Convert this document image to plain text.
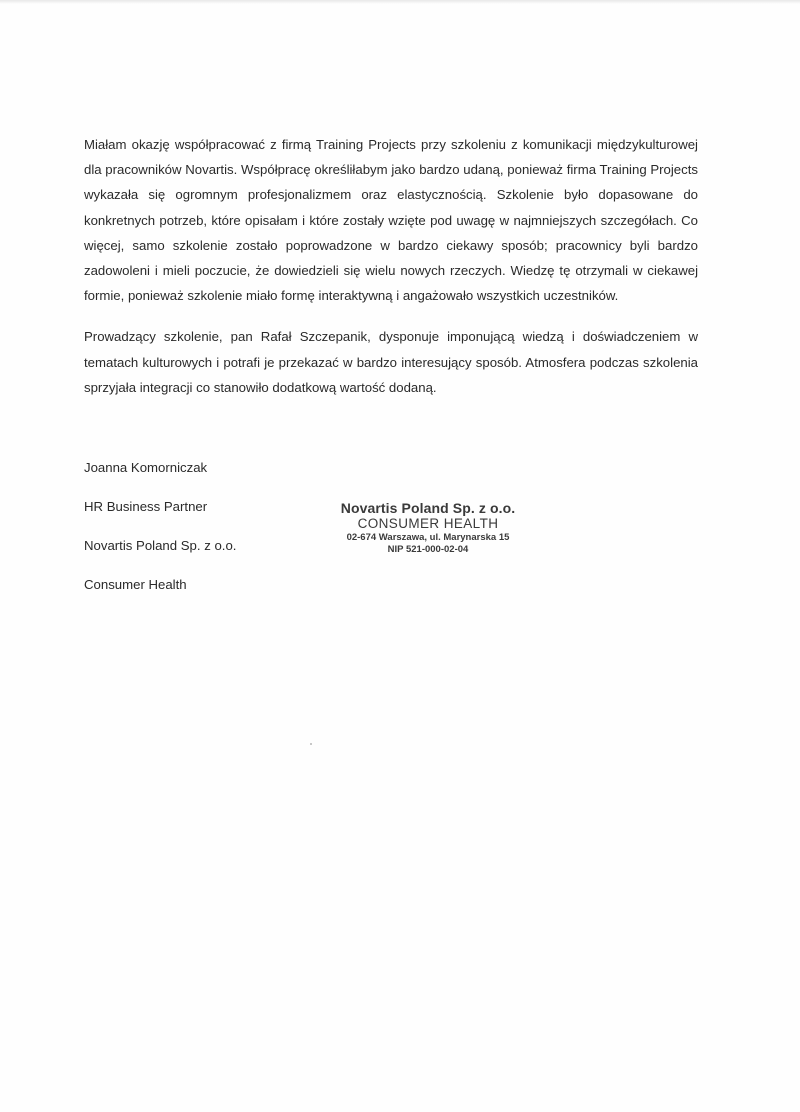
Miałam okazję współpracować z firmą Training Projects przy szkoleniu z komunikacji międzykulturowej dla pracowników Novartis. Współpracę określiłabym jako bardzo udaną, ponieważ firma Training Projects wykazała się ogromnym profesjonalizmem oraz elastycznością. Szkolenie było dopasowane do konkretnych potrzeb, które opisałam i które zostały wzięte pod uwagę w najmniejszych szczegółach. Co więcej, samo szkolenie zostało poprowadzone w bardzo ciekawy sposób; pracownicy byli bardzo zadowoleni i mieli poczucie, że dowiedzieli się wielu nowych rzeczych. Wiedzę tę otrzymali w ciekawej formie, ponieważ szkolenie miało formę interaktywną i angażowało wszystkich uczestników.

Prowadzący szkolenie, pan Rafał Szczepanik, dysponuje imponującą wiedzą i doświadczeniem w tematach kulturowych i potrafi je przekazać w bardzo interesujący sposób. Atmosfera podczas szkolenia sprzyjała integracji co stanowiło dodatkową wartość dodaną.

Joanna Komorniczak
HR Business Partner
Novartis Poland Sp. z o.o.
Consumer Health
Novartis Poland Sp. z o.o.
CONSUMER HEALTH
02-674 Warszawa, ul. Marynarska 15
NIP 521-000-02-04
